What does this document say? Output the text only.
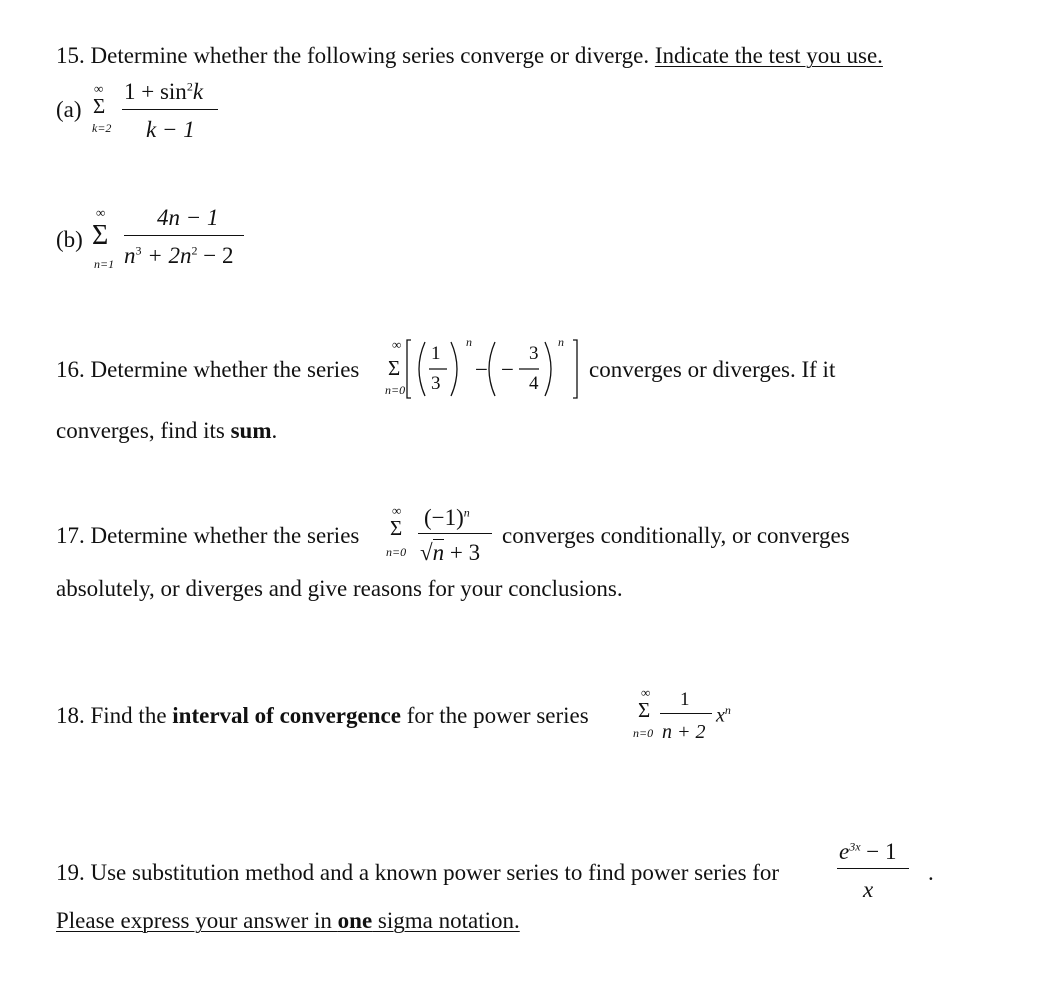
15. Determine whether the following series converge or diverge. Indicate the test you use.
(a)
∞
Σ
k=2
$1 + \sin^2k$
k − 1
(b)
∞
Σ
n=1
4n − 1
$n^3 + 2n^2 - 2$
16. Determine whether the series
∞
Σ
n=0
1
3
n
− −
3
4
n
converges or diverges. If it
converges, find its sum.
17. Determine whether the series
∞
Σ
n=0
$(-1)^n$
√n + 3
converges conditionally, or converges
absolutely, or diverges and give reasons for your conclusions.
18. Find the interval of convergence for the power series
∞
Σ
n=0
1
n + 2
$x^n$
19. Use substitution method and a known power series to find power series for
$e^{3x} - 1$
x
.
Please express your answer in one sigma notation.
